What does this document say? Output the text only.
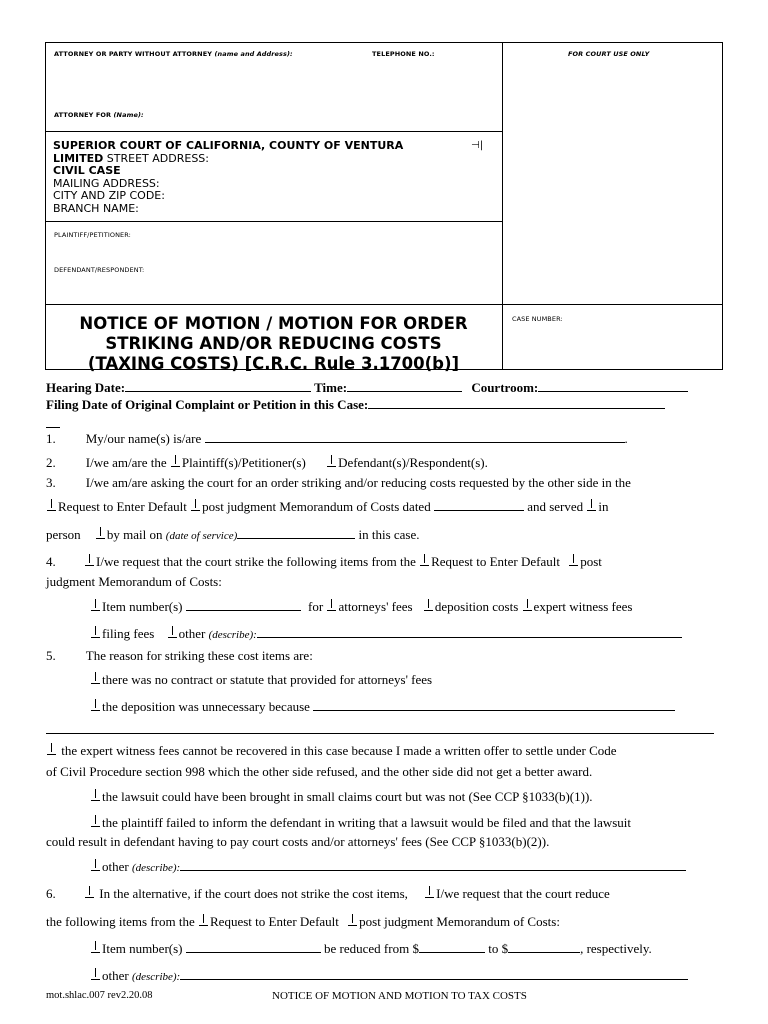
ATTORNEY OR PARTY WITHOUT ATTORNEY (name and Address):	TELEPHONE NO.:	FOR COURT USE ONLY
ATTORNEY FOR (Name):
SUPERIOR COURT OF CALIFORNIA, COUNTY OF VENTURA	⊣|
LIMITED STREET ADDRESS:
CIVIL CASE
MAILING ADDRESS:
CITY AND ZIP CODE:
BRANCH NAME:
PLAINTIFF/PETITIONER:
DEFENDANT/RESPONDENT:
CASE NUMBER:
NOTICE OF MOTION / MOTION FOR ORDER
STRIKING AND/OR REDUCING COSTS
(TAXING COSTS) [C.R.C. Rule 3.1700(b)]
Hearing Date:	Time:	Courtroom:
Filing Date of Original Complaint or Petition in this Case:
1. My/our name(s) is/are	.
2. I/we am/are the Plaintiff(s)/Petitioner(s) Defendant(s)/Respondent(s).
3. I/we am/are asking the court for an order striking and/or reducing costs requested by the other side in the
Request to Enter Default post judgment Memorandum of Costs dated	and served in
person by mail on (date of service)	in this case.
4.	I/we request that the court strike the following items from the Request to Enter Default post
judgment Memorandum of Costs:
Item number(s)	for attorneys' fees deposition costs expert witness fees
filing fees other (describe):
5. The reason for striking these cost items are:
there was no contract or statute that provided for attorneys' fees
the deposition was unnecessary because
the expert witness fees cannot be recovered in this case because I made a written offer to settle under Code
of Civil Procedure section 998 which the other side refused, and the other side did not get a better award.
the lawsuit could have been brought in small claims court but was not (See CCP §1033(b)(1)).
the plaintiff failed to inform the defendant in writing that a lawsuit would be filed and that the lawsuit
could result in defendant having to pay court costs and/or attorneys' fees (See CCP §1033(b)(2)).
other (describe):
6.	In the alternative, if the court does not strike the cost items, I/we request that the court reduce
the following items from the Request to Enter Default post judgment Memorandum of Costs:
Item number(s)	be reduced from $	to $	, respectively.
other (describe):
mot.shlac.007 rev2.20.08	NOTICE OF MOTION AND MOTION TO TAX COSTS
